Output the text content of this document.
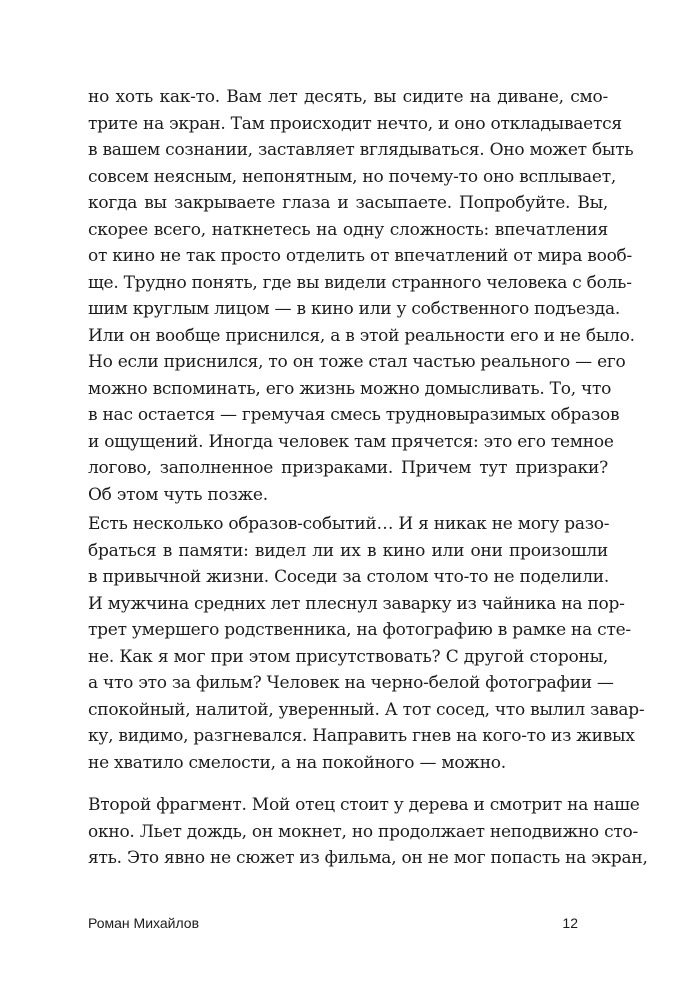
но хоть как-то. Вам лет десять, вы сидите на диване, смо-
трите на экран. Там происходит нечто, и оно откладывается
в вашем сознании, заставляет вглядываться. Оно может быть
совсем неясным, непонятным, но почему-то оно всплывает,
когда вы закрываете глаза и засыпаете. Попробуйте. Вы,
скорее всего, наткнетесь на одну сложность: впечатления
от кино не так просто отделить от впечатлений от мира вооб-
ще. Трудно понять, где вы видели странного человека с боль-
шим круглым лицом — в кино или у собственного подъезда.
Или он вообще приснился, а в этой реальности его и не было.
Но если приснился, то он тоже стал частью реального — его
можно вспоминать, его жизнь можно домысливать. То, что
в нас остается — гремучая смесь трудновыразимых образов
и ощущений. Иногда человек там прячется: это его темное
логово, заполненное призраками. Причем тут призраки?
Об этом чуть позже.
Есть несколько образов-событий… И я никак не могу разо-
браться в памяти: видел ли их в кино или они произошли
в привычной жизни. Соседи за столом что-то не поделили.
И мужчина средних лет плеснул заварку из чайника на пор-
трет умершего родственника, на фотографию в рамке на сте-
не. Как я мог при этом присутствовать? С другой стороны,
а что это за фильм? Человек на черно-белой фотографии —
спокойный, налитой, уверенный. А тот сосед, что вылил завар-
ку, видимо, разгневался. Направить гнев на кого-то из живых
не хватило смелости, а на покойного — можно.
Второй фрагмент. Мой отец стоит у дерева и смотрит на наше
окно. Льет дождь, он мокнет, но продолжает неподвижно сто-
ять. Это явно не сюжет из фильма, он не мог попасть на экран,
Роман Михайлов	12
